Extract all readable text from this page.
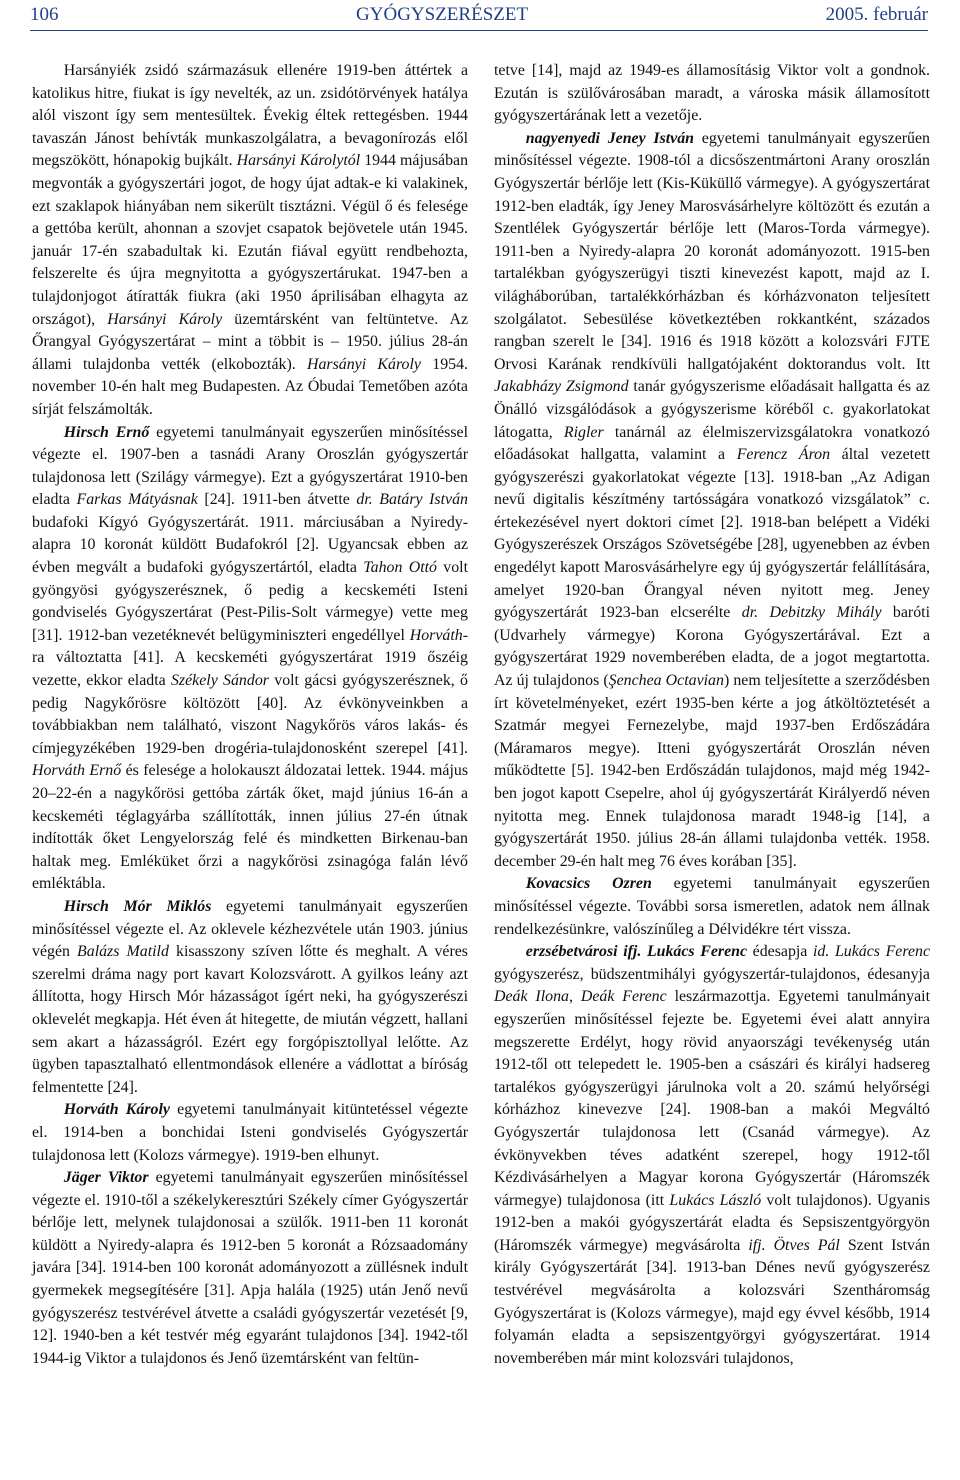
106	GYÓGYSZERÉSZET	2005. február

Harsányiék zsidó származásuk ellenére 1919-ben áttértek a katolikus hitre, fiukat is így nevelték, az un. zsidótörvények hatálya alól viszont így sem mentesültek. Évekig éltek rettegésben. 1944 tavaszán Jánost behívták munkaszolgálatra, a bevagonírozás elől megszökött, hónapokig bujkált. Harsányi Károlytól 1944 májusában megvonták a gyógyszertári jogot, de hogy újat adtak-e ki valakinek, ezt szaklapok hiányában nem sikerült tisztázni. Végül ő és felesége a gettóba került, ahonnan a szovjet csapatok bejövetele után 1945. január 17-én szabadultak ki. Ezután fiával együtt rendbehozta, felszerelte és újra megnyitotta a gyógyszertárukat. 1947-ben a tulajdonjogot átíratták fiukra (aki 1950 áprilisában elhagyta az országot), Harsányi Károly üzemtársként van feltüntetve. Az Őrangyal Gyógyszertárat – mint a többit is – 1950. július 28-án állami tulajdonba vették (elkobozták). Harsányi Károly 1954. november 10-én halt meg Budapesten. Az Óbudai Temetőben azóta sírját felszámolták.

Hirsch Ernő egyetemi tanulmányait egyszerűen minősítéssel végezte el. 1907-ben a tasnádi Arany Oroszlán gyógyszertár tulajdonosa lett (Szilágy vármegye). Ezt a gyógyszertárat 1910-ben eladta Farkas Mátyásnak [24]. 1911-ben átvette dr. Batáry István budafoki Kígyó Gyógyszertárát. 1911. márciusában a Nyiredy-alapra 10 koronát küldött Budafokról [2]. Ugyancsak ebben az évben megvált a budafoki gyógyszertártól, eladta Tahon Ottó volt gyöngyösi gyógyszerésznek, ő pedig a kecskeméti Isteni gondviselés Gyógyszertárat (Pest-Pilis-Solt vármegye) vette meg [31]. 1912-ban vezetéknevét belügyminiszteri engedéllyel Horváth-ra változtatta [41]. A kecskeméti gyógyszertárat 1919 őszéig vezette, ekkor eladta Székely Sándor volt gácsi gyógyszerésznek, ő pedig Nagykőrösre költözött [40]. Az évkönyveinkben a továbbiakban nem található, viszont Nagykőrös város lakás- és címjegyzékében 1929-ben drogéria-tulajdonosként szerepel [41]. Horváth Ernő és felesége a holokauszt áldozatai lettek. 1944. május 20–22-én a nagykőrösi gettóba zárták őket, majd június 16-án a kecskeméti téglagyárba szállították, innen július 27-én útnak indították őket Lengyelország felé és mindketten Birkenau-ban haltak meg. Emléküket őrzi a nagykőrösi zsinagóga falán lévő emléktábla.

Hirsch Mór Miklós egyetemi tanulmányait egyszerűen minősítéssel végezte el. Az oklevele kézhezvétele után 1903. június végén Balázs Matild kisasszony szíven lőtte és meghalt. A véres szerelmi dráma nagy port kavart Kolozsvárott. A gyilkos leány azt állította, hogy Hirsch Mór házasságot ígért neki, ha gyógyszerészi oklevelét megkapja. Hét éven át hitegette, de miután végzett, hallani sem akart a házasságról. Ezért egy forgópisztollyal lelőtte. Az ügyben tapasztalható ellentmondások ellenére a vádlottat a bíróság felmentette [24].

Horváth Károly egyetemi tanulmányait kitüntetéssel végezte el. 1914-ben a bonchidai Isteni gondviselés Gyógyszertár tulajdonosa lett (Kolozs vármegye). 1919-ben elhunyt.

Jäger Viktor egyetemi tanulmányait egyszerűen minősítéssel végezte el. 1910-től a székelykeresztúri Székely címer Gyógyszertár bérlője lett, melynek tulajdonosai a szülők. 1911-ben 11 koronát küldött a Nyiredy-alapra és 1912-ben 5 koronát a Rózsaadomány javára [34]. 1914-ben 100 koronát adományozott a züllésnek indult gyermekek megsegítésére [31]. Apja halála (1925) után Jenő nevű gyógyszerész testvérével átvette a családi gyógyszertár vezetését [9, 12]. 1940-ben a két testvér még egyaránt tulajdonos [34]. 1942-től 1944-ig Viktor a tulajdonos és Jenő üzemtársként van feltün-

tetve [14], majd az 1949-es államosításig Viktor volt a gondnok. Ezután is szülővárosában maradt, a városka másik államosított gyógyszertárának lett a vezetője.

nagyenyedi Jeney István egyetemi tanulmányait egyszerűen minősítéssel végezte. 1908-tól a dicsőszentmártoni Arany oroszlán Gyógyszertár bérlője lett (Kis-Küküllő vármegye). A gyógyszertárat 1912-ben eladták, így Jeney Marosvásárhelyre költözött és ezután a Szentlélek Gyógyszertár bérlője lett (Maros-Torda vármegye). 1911-ben a Nyiredy-alapra 20 koronát adományozott. 1915-ben tartalékban gyógyszerügyi tiszti kinevezést kapott, majd az I. világháborúban, tartalékkórházban és kórházvonaton teljesített szolgálatot. Sebesülése következtében rokkantként, százados rangban szerelt le [34]. 1916 és 1918 között a kolozsvári FJTE Orvosi Karának rendkívüli hallgatójaként doktorandus volt. Itt Jakabházy Zsigmond tanár gyógyszerisme előadásait hallgatta és az Önálló vizsgálódások a gyógyszerisme köréből c. gyakorlatokat látogatta, Rigler tanárnál az élelmiszervizsgálatokra vonatkozó előadásokat hallgatta, valamint a Ferencz Áron által vezetett gyógyszerészi gyakorlatokat végezte [13]. 1918-ban „Az Adigan nevű digitalis készítmény tartósságára vonatkozó vizsgálatok” c. értekezésével nyert doktori címet [2]. 1918-ban belépett a Vidéki Gyógyszerészek Országos Szövetségébe [28], ugyenebben az évben engedélyt kapott Marosvásárhelyre egy új gyógyszertár felállítására, amelyet 1920-ban Őrangyal néven nyitott meg. Jeney gyógyszertárát 1923-ban elcserélte dr. Debitzky Mihály baróti (Udvarhely vármegye) Korona Gyógyszertárával. Ezt a gyógyszertárat 1929 novemberében eladta, de a jogot megtartotta. Az új tulajdonos (Şenchea Octavian) nem teljesítette a szerződésben írt követelményeket, ezért 1935-ben kérte a jog átköltöztetését a Szatmár megyei Fernezelybe, majd 1937-ben Erdőszádára (Máramaros megye). Itteni gyógyszertárát Oroszlán néven működtette [5]. 1942-ben Erdőszádán tulajdonos, majd még 1942-ben jogot kapott Csepelre, ahol új gyógyszertárát Királyerdő néven nyitotta meg. Ennek tulajdonosa maradt 1948-ig [14], a gyógyszertárát 1950. július 28-án állami tulajdonba vették. 1958. december 29-én halt meg 76 éves korában [35].

Kovacsics Ozren egyetemi tanulmányait egyszerűen minősítéssel végezte. További sorsa ismeretlen, adatok nem állnak rendelkezésünkre, valószínűleg a Délvidékre tért vissza.

erzsébetvárosi ifj. Lukács Ferenc édesapja id. Lukács Ferenc gyógyszerész, büdszentmihályi gyógyszertár-tulajdonos, édesanyja Deák Ilona, Deák Ferenc leszármazottja. Egyetemi tanulmányait egyszerűen minősítéssel fejezte be. Egyetemi évei alatt annyira megszerette Erdélyt, hogy rövid anyaországi tevékenység után 1912-től ott telepedett le. 1905-ben a császári és királyi hadsereg tartalékos gyógyszerügyi járulnoka volt a 20. számú helyőrségi kórházhoz kinevezve [24]. 1908-ban a makói Megváltó Gyógyszertár tulajdonosa lett (Csanád vármegye). Az évkönyvekben téves adatként szerepel, hogy 1912-től Kézdivásárhelyen a Magyar korona Gyógyszertár (Háromszék vármegye) tulajdonosa (itt Lukács László volt tulajdonos). Ugyanis 1912-ben a makói gyógyszertárát eladta és Sepsiszentgyörgyön (Háromszék vármegye) megvásárolta ifj. Ötves Pál Szent István király Gyógyszertárát [34]. 1913-ban Dénes nevű gyógyszerész testvérével megvásárolta a kolozsvári Szentháromság Gyógyszertárat is (Kolozs vármegye), majd egy évvel később, 1914 folyamán eladta a sepsiszentgyörgyi gyógyszertárat. 1914 novemberében már mint kolozsvári tulajdonos,
